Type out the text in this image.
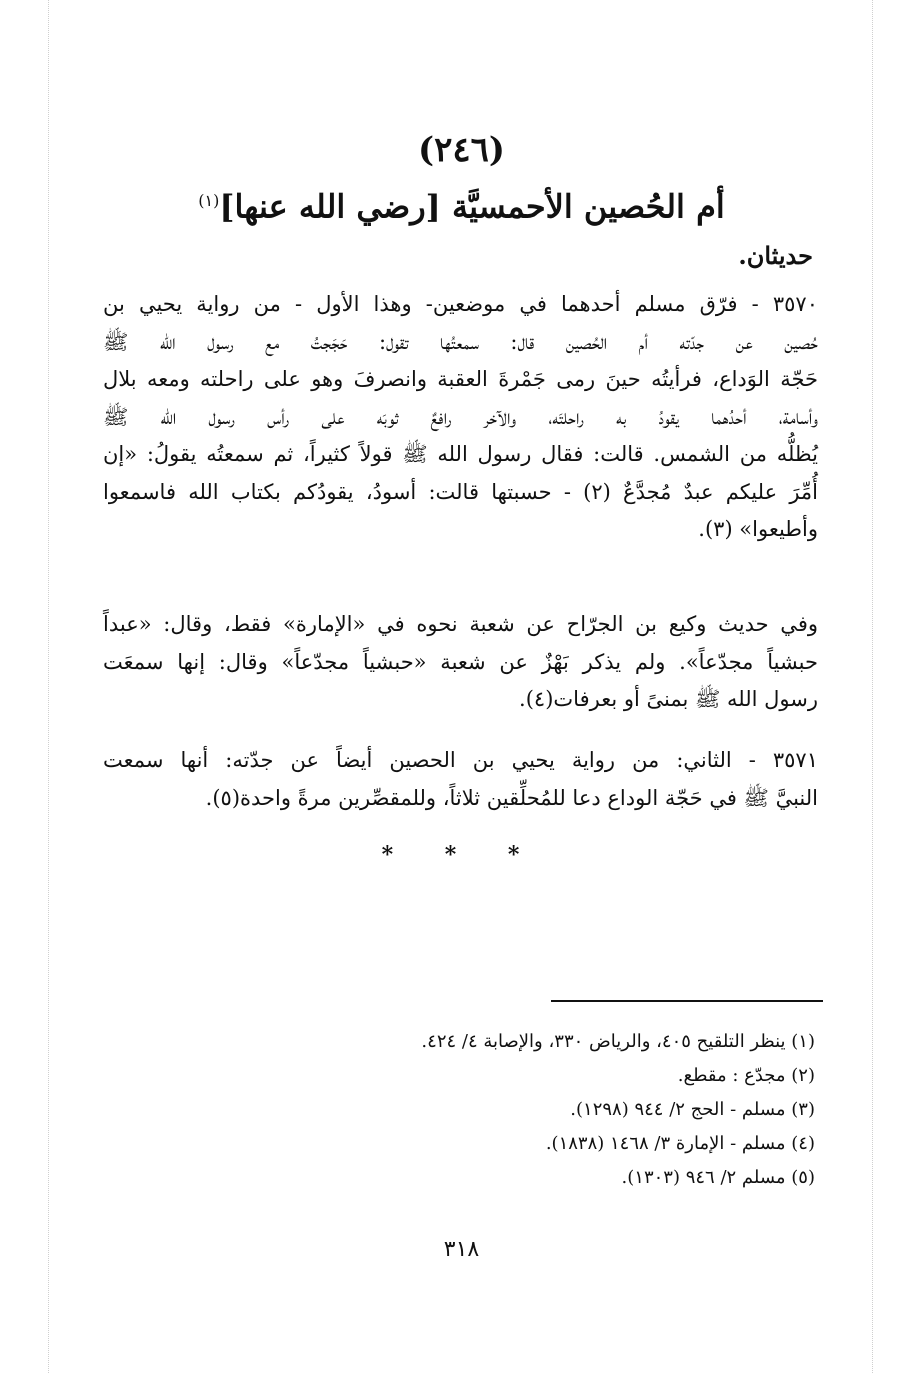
(٢٤٦)
أم الحُصين الأحمسيَّة [رضي الله عنها]$^{(١)}$

حديثان.

٣٥٧٠ - فرّق مسلم أحدهما في موضعين- وهذا الأول - من رواية يحيي بن
حُصين عن جدّته أم الحُصين قال: سمعتُها تقول: حَجَجتُ مع رسول الله ﷺ
حَجّة الوَداع، فرأيتُه حينَ رمى جَمْرةَ العقبة وانصرفَ وهو على راحلته ومعه بلال
وأسامة، أحدُهما يقودُ به راحلتَه، والآخر رافعٌ ثوبَه على رأس رسول الله ﷺ
يُظلُّه من الشمس. قالت: فقال رسول الله ﷺ قولاً كثيراً، ثم سمعتُه يقولُ: «إن
أُمِّرَ عليكم عبدٌ مُجدَّعٌ (٢) - حسبتها قالت: أسودُ، يقودُكم بكتاب الله فاسمعوا
وأطيعوا» (٣).
وفي حديث وكيع بن الجرّاح عن شعبة نحوه في «الإمارة» فقط، وقال: «عبداً
حبشياً مجدّعاً». ولم يذكر بَهْزٌ عن شعبة «حبشياً مجدّعاً» وقال: إنها سمعَت
رسول الله ﷺ بمنىً أو بعرفات(٤).
٣٥٧١ - الثاني: من رواية يحيي بن الحصين أيضاً عن جدّته: أنها سمعت
النبيَّ ﷺ في حَجّة الوداع دعا للمُحلِّقين ثلاثاً، وللمقصِّرين مرةً واحدة(٥).

* * *

(١) ينظر التلقيح ٤٠٥، والرياض ٣٣٠، والإصابة ٤/ ٤٢٤.
(٢) مجدّع : مقطع.
(٣) مسلم - الحج ٢/ ٩٤٤ (١٢٩٨).
(٤) مسلم - الإمارة ٣/ ١٤٦٨ (١٨٣٨).
(٥) مسلم ٢/ ٩٤٦ (١٣٠٣).

٣١٨
